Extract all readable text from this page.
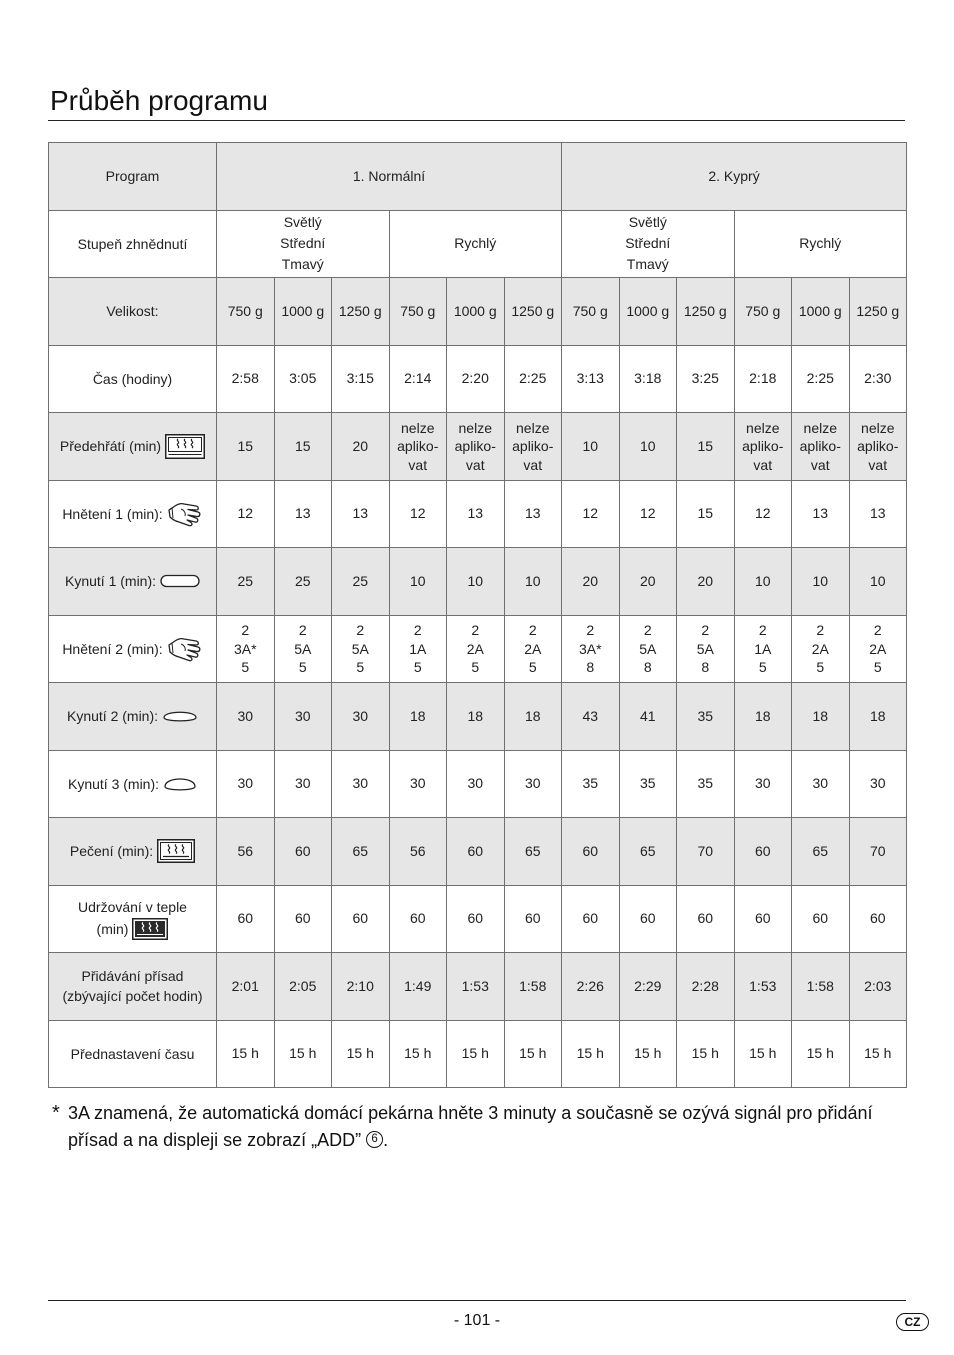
Průběh programu
Program	1. Normální						2. Kyprý					

Stupeň zhnědnutí	Světlý
Střední
Tmavý			Rychlý			Světlý
Střední
Tmavý			Rychlý		

Velikost:	750 g	1000 g	1250 g	750 g	1000 g	1250 g	750 g	1000 g	1250 g	750 g	1000 g	1250 g

Čas (hodiny)	2:58	3:05	3:15	2:14	2:20	2:25	3:13	3:18	3:25	2:18	2:25	2:30

Předehřátí (min)	15	15	20	nelze
apliko-
vat	nelze
apliko-
vat	nelze
apliko-
vat	10	10	15	nelze
apliko-
vat	nelze
apliko-
vat	nelze
apliko-
vat

Hnětení 1 (min):	12	13	13	12	13	13	12	12	15	12	13	13

Kynutí 1 (min):	25	25	25	10	10	10	20	20	20	10	10	10

Hnětení 2 (min):	2
3A*
5	2
5A
5	2
5A
5	2
1A
5	2
2A
5	2
2A
5	2
3A*
8	2
5A
8	2
5A
8	2
1A
5	2
2A
5	2
2A
5

Kynutí 2 (min):	30	30	30	18	18	18	43	41	35	18	18	18

Kynutí 3 (min):	30	30	30	30	30	30	35	35	35	30	30	30

Pečení (min):	56	60	65	56	60	65	60	65	70	60	65	70

Udržování v teple
(min)	60	60	60	60	60	60	60	60	60	60	60	60

Přidávání přísad
(zbývající počet hodin)	2:01	2:05	2:10	1:49	1:53	1:58	2:26	2:29	2:28	1:53	1:58	2:03

Přednastavení času	15 h	15 h	15 h	15 h	15 h	15 h	15 h	15 h	15 h	15 h	15 h	15 h
* 3A znamená, že automatická domácí pekárna hněte 3 minuty a současně se ozývá signál pro přidání
přísad a na displeji se zobrazí „ADD” 6 .
- 101 -	CZ
